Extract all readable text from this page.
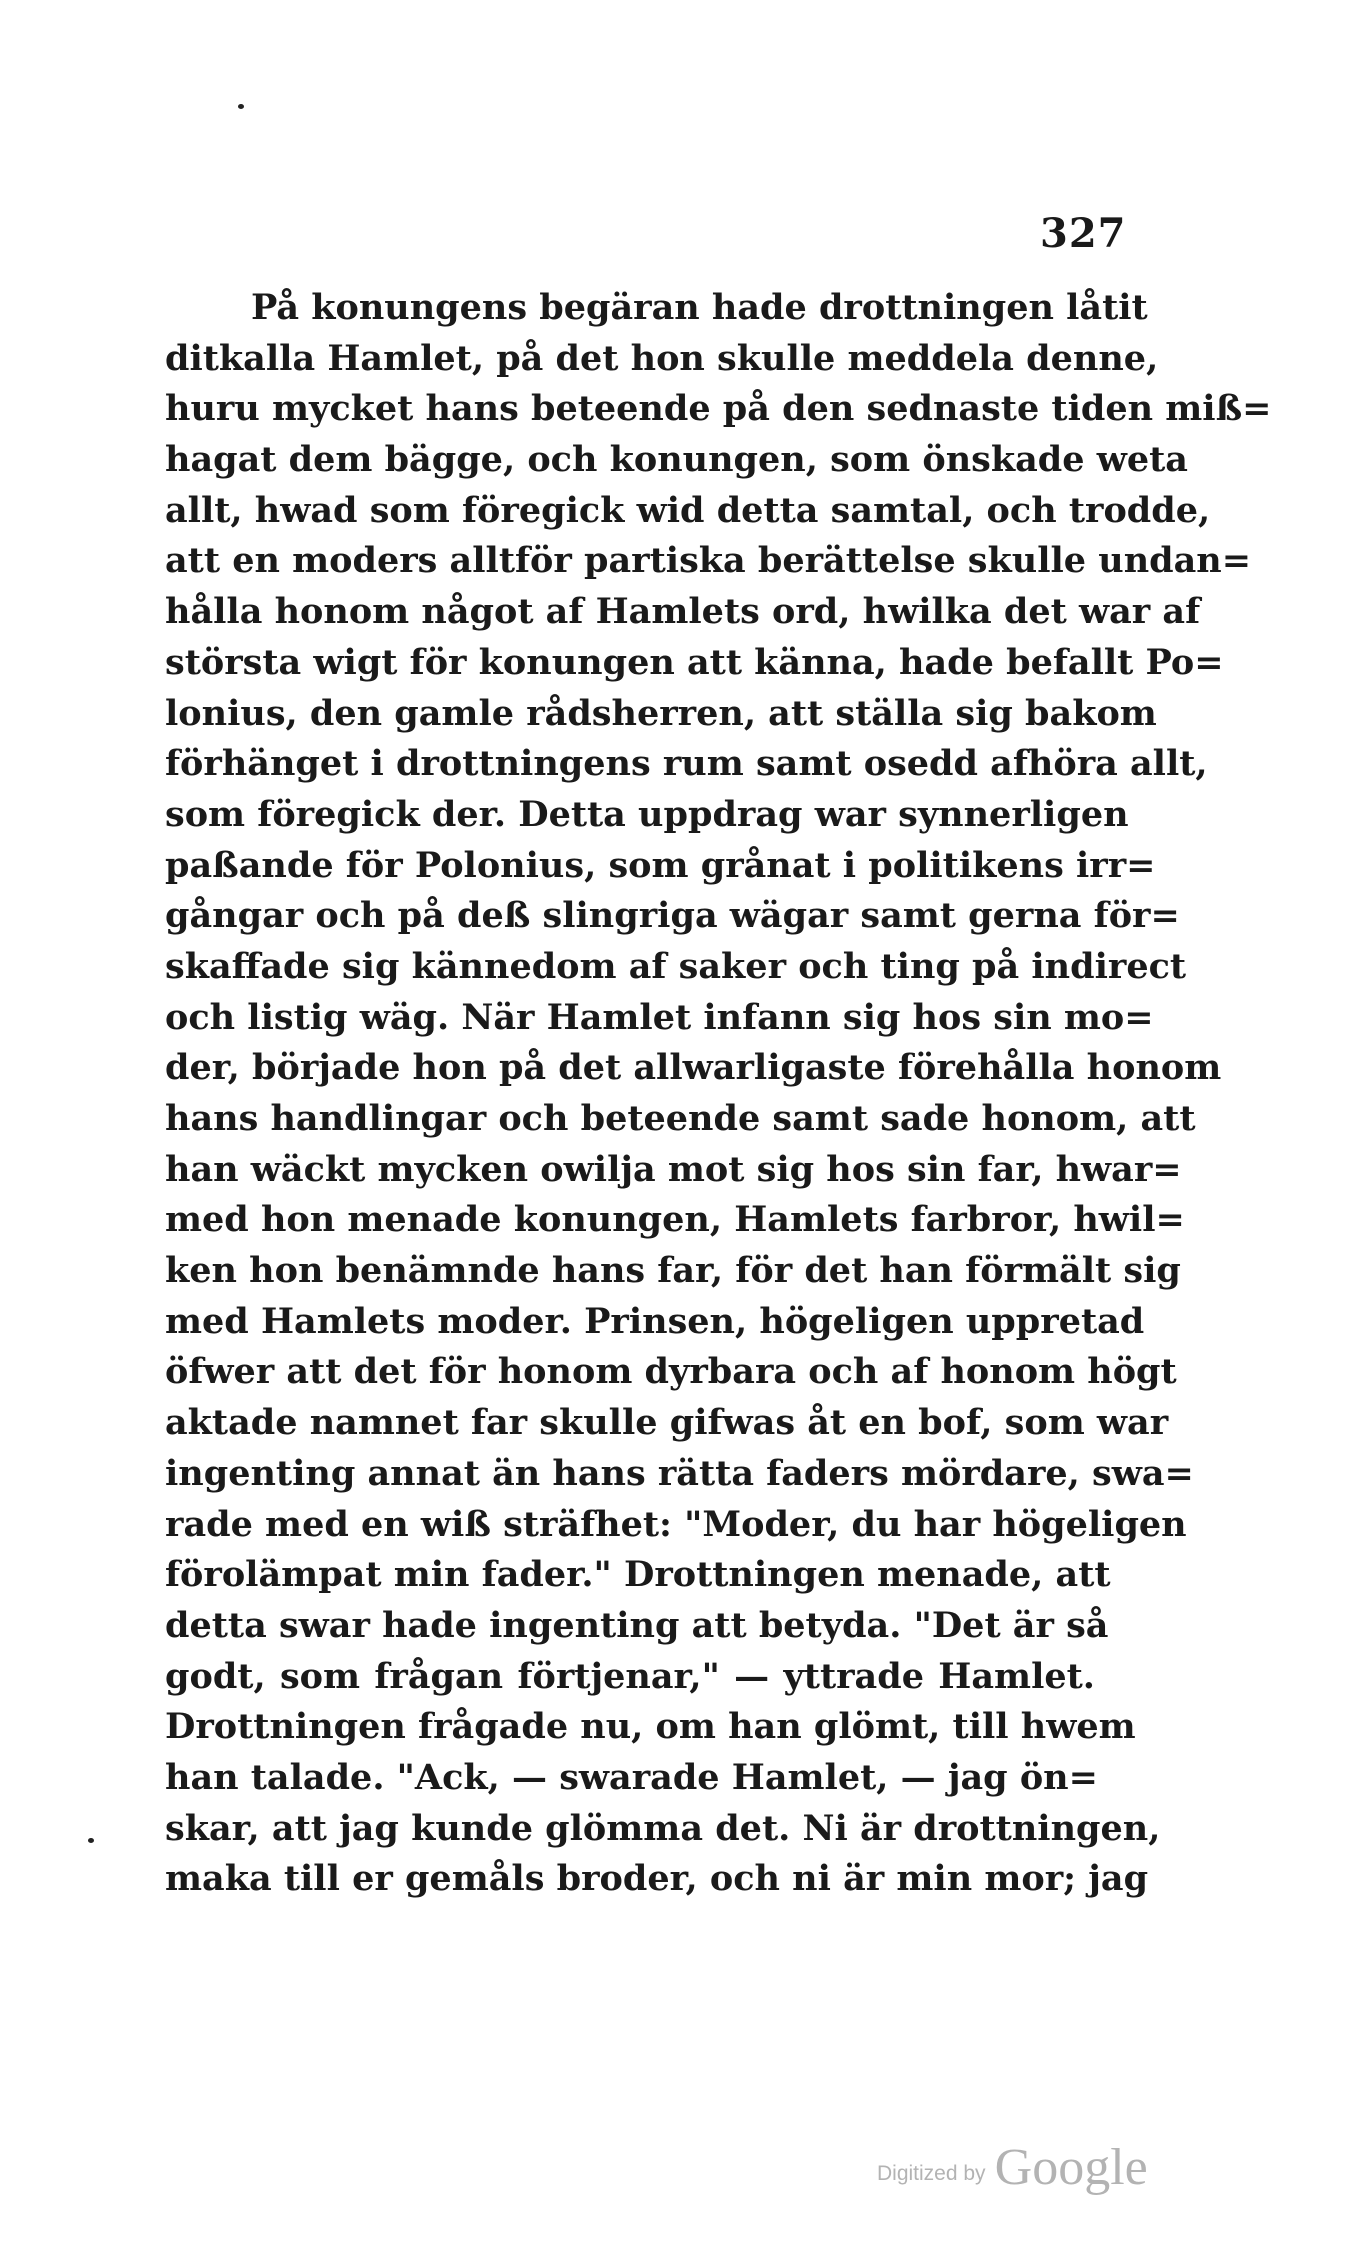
327
På konungens begäran hade drottningen låtit
ditkalla Hamlet, på det hon skulle meddela denne,
huru mycket hans beteende på den sednaste tiden miß=
hagat dem bägge, och konungen, som önskade weta
allt, hwad som föregick wid detta samtal, och trodde,
att en moders alltför partiska berättelse skulle undan=
hålla honom något af Hamlets ord, hwilka det war af
största wigt för konungen att känna, hade befallt Po=
lonius, den gamle rådsherren, att ställa sig bakom
förhänget i drottningens rum samt osedd afhöra allt,
som föregick der. Detta uppdrag war synnerligen
paßande för Polonius, som grånat i politikens irr=
gångar och på deß slingriga wägar samt gerna för=
skaffade sig kännedom af saker och ting på indirect
och listig wäg. När Hamlet infann sig hos sin mo=
der, började hon på det allwarligaste förehålla honom
hans handlingar och beteende samt sade honom, att
han wäckt mycken owilja mot sig hos sin far, hwar=
med hon menade konungen, Hamlets farbror, hwil=
ken hon benämnde hans far, för det han förmält sig
med Hamlets moder. Prinsen, högeligen uppretad
öfwer att det för honom dyrbara och af honom högt
aktade namnet far skulle gifwas åt en bof, som war
ingenting annat än hans rätta faders mördare, swa=
rade med en wiß sträfhet: "Moder, du har högeligen
förolämpat min fader." Drottningen menade, att
detta swar hade ingenting att betyda. "Det är så
godt, som frågan förtjenar," — yttrade Hamlet.
Drottningen frågade nu, om han glömt, till hwem
han talade. "Ack, — swarade Hamlet, — jag ön=
skar, att jag kunde glömma det. Ni är drottningen,
maka till er gemåls broder, och ni är min mor; jag
Digitized by Google
